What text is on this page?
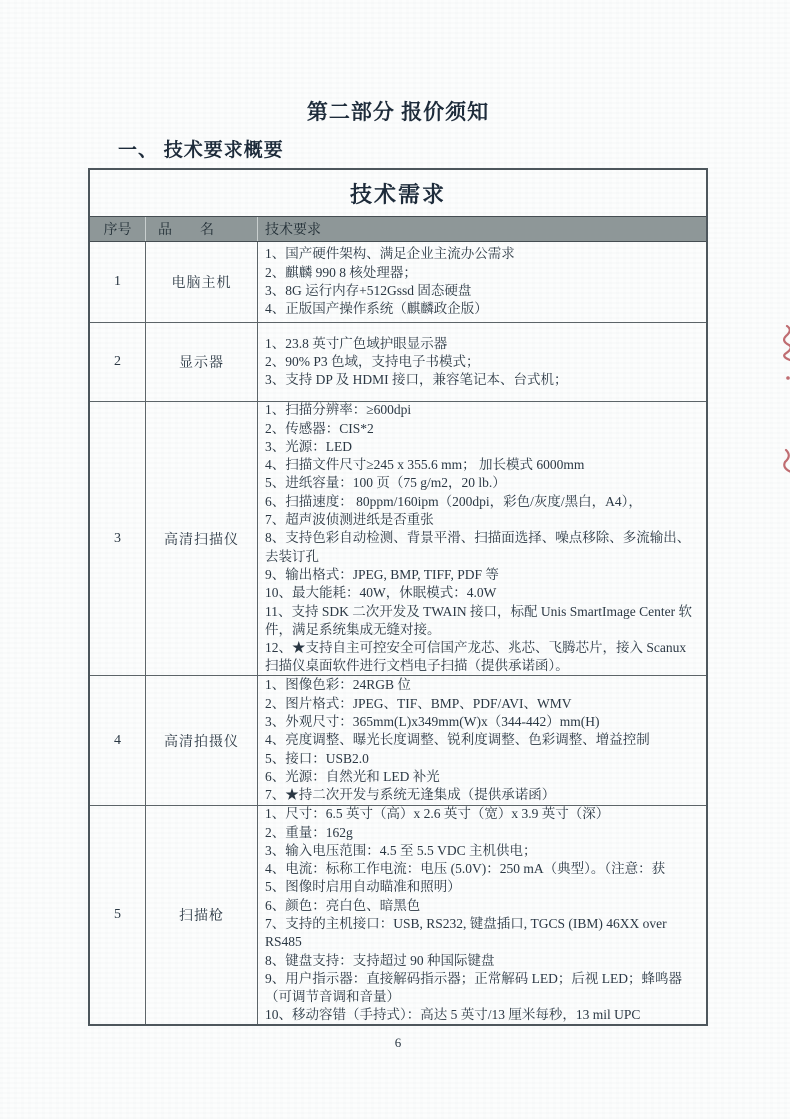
第二部分 报价须知
一、 技术要求概要
技术需求
序号	品　　名	技术要求
1	电脑主机
1、国产硬件架构、满足企业主流办公需求
2、麒麟 990 8 核处理器；
3、8G 运行内存+512Gssd 固态硬盘
4、正版国产操作系统（麒麟政企版）
2	显示器
1、23.8 英寸广色域护眼显示器
2、90% P3 色域，支持电子书模式；
3、支持 DP 及 HDMI 接口，兼容笔记本、台式机；
3	高清扫描仪
1、扫描分辨率：≥600dpi
2、传感器：CIS*2
3、光源：LED
4、扫描文件尺寸≥245 x 355.6 mm； 加长模式 6000mm
5、进纸容量：100 页（75 g/m2，20 lb.）
6、扫描速度： 80ppm/160ipm（200dpi，彩色/灰度/黑白，A4），
7、超声波侦测进纸是否重张
8、支持色彩自动检测、背景平滑、扫描面选择、噪点移除、多流输出、去装订孔
9、输出格式：JPEG, BMP, TIFF, PDF 等
10、最大能耗：40W，休眠模式：4.0W
11、支持 SDK 二次开发及 TWAIN 接口，标配 Unis SmartImage Center 软件，满足系统集成无缝对接。
12、★支持自主可控安全可信国产龙芯、兆芯、飞腾芯片，接入 Scanux 扫描仪桌面软件进行文档电子扫描（提供承诺函）。
4	高清拍摄仪
1、图像色彩：24RGB 位
2、图片格式：JPEG、TIF、BMP、PDF/AVI、WMV
3、外观尺寸：365mm(L)x349mm(W)x（344-442）mm(H)
4、亮度调整、曝光长度调整、锐利度调整、色彩调整、增益控制
5、接口：USB2.0
6、光源：自然光和 LED 补光
7、★持二次开发与系统无逢集成（提供承诺函）
5	扫描枪
1、尺寸：6.5 英寸（高）x 2.6 英寸（宽）x 3.9 英寸（深）
2、重量：162g
3、输入电压范围：4.5 至 5.5 VDC 主机供电；
4、电流：标称工作电流：电压 (5.0V)：250 mA（典型）。（注意：获
5、图像时启用自动瞄准和照明）
6、颜色：亮白色、暗黑色
7、支持的主机接口：USB, RS232, 键盘插口, TGCS (IBM) 46XX over RS485
8、键盘支持：支持超过 90 种国际键盘
9、用户指示器：直接解码指示器；正常解码 LED；后视 LED；蜂鸣器（可调节音调和音量）
10、移动容错（手持式）：高达 5 英寸/13 厘米每秒，13 mil UPC
6
